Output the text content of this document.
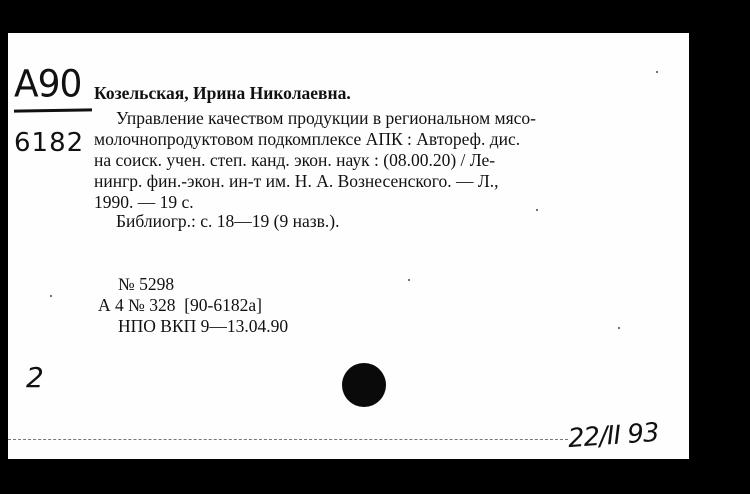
А90
6182
Козельская, Ирина Николаевна.
Управление качеством продукции в региональном мясо-
молочнопродуктовом подкомплексе АПК : Автореф. дис.
на соиск. учен. степ. канд. экон. наук : (08.00.20) / Ле-
нингр. фин.-экон. ин-т им. Н. А. Вознесенского. — Л.,
1990. — 19 с.
Библиогр.: с. 18—19 (9 назв.).
№ 5298
А 4 № 328  [90-6182а]
НПО ВКП 9—13.04.90
2
22/II 93
